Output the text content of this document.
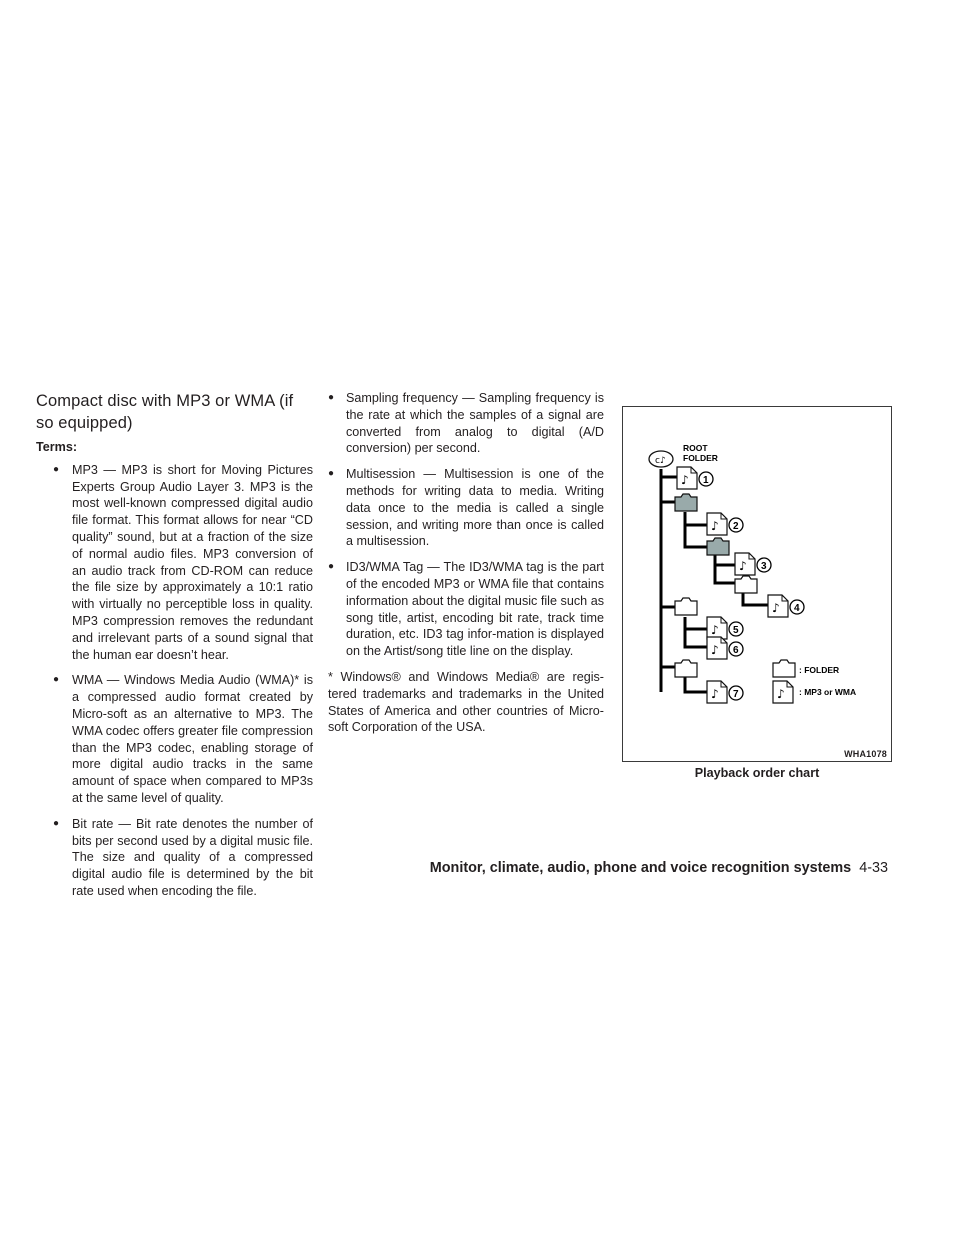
Compact disc with MP3 or WMA (if
so equipped)
Terms:
● MP3 — MP3 is short for Moving Pictures Experts Group Audio Layer 3. MP3 is the most well-known compressed digital audio file format. This format allows for near “CD quality” sound, but at a fraction of the size of normal audio files. MP3 conversion of an audio track from CD-ROM can reduce the file size by approximately a 10:1 ratio with virtually no perceptible loss in quality. MP3 compression removes the redundant and irrelevant parts of a sound signal that the human ear doesn’t hear.
● WMA — Windows Media Audio (WMA)* is a compressed audio format created by Micro-soft as an alternative to MP3. The WMA codec offers greater file compression than the MP3 codec, enabling storage of more digital audio tracks in the same amount of space when compared to MP3s at the same level of quality.
● Bit rate — Bit rate denotes the number of bits per second used by a digital music file. The size and quality of a compressed digital audio file is determined by the bit rate used when encoding the file.
● Sampling frequency — Sampling frequency is the rate at which the samples of a signal are converted from analog to digital (A/D conversion) per second.
● Multisession — Multisession is one of the methods for writing data to media. Writing data once to the media is called a single session, and writing more than once is called a multisession.
● ID3/WMA Tag — The ID3/WMA tag is the part of the encoded MP3 or WMA file that contains information about the digital music file such as song title, artist, encoding bit rate, track time duration, etc. ID3 tag infor-mation is displayed on the Artist/song title line on the display.

* Windows® and Windows Media® are regis-tered trademarks and trademarks in the United States of America and other countries of Micro-soft Corporation of the USA.

♪
c♪
ROOT
FOLDER
1
2
3
4
5
6
7
: FOLDER
: MP3 or WMA
WHA1078
Playback order chart
Monitor, climate, audio, phone and voice recognition systems 4-33
